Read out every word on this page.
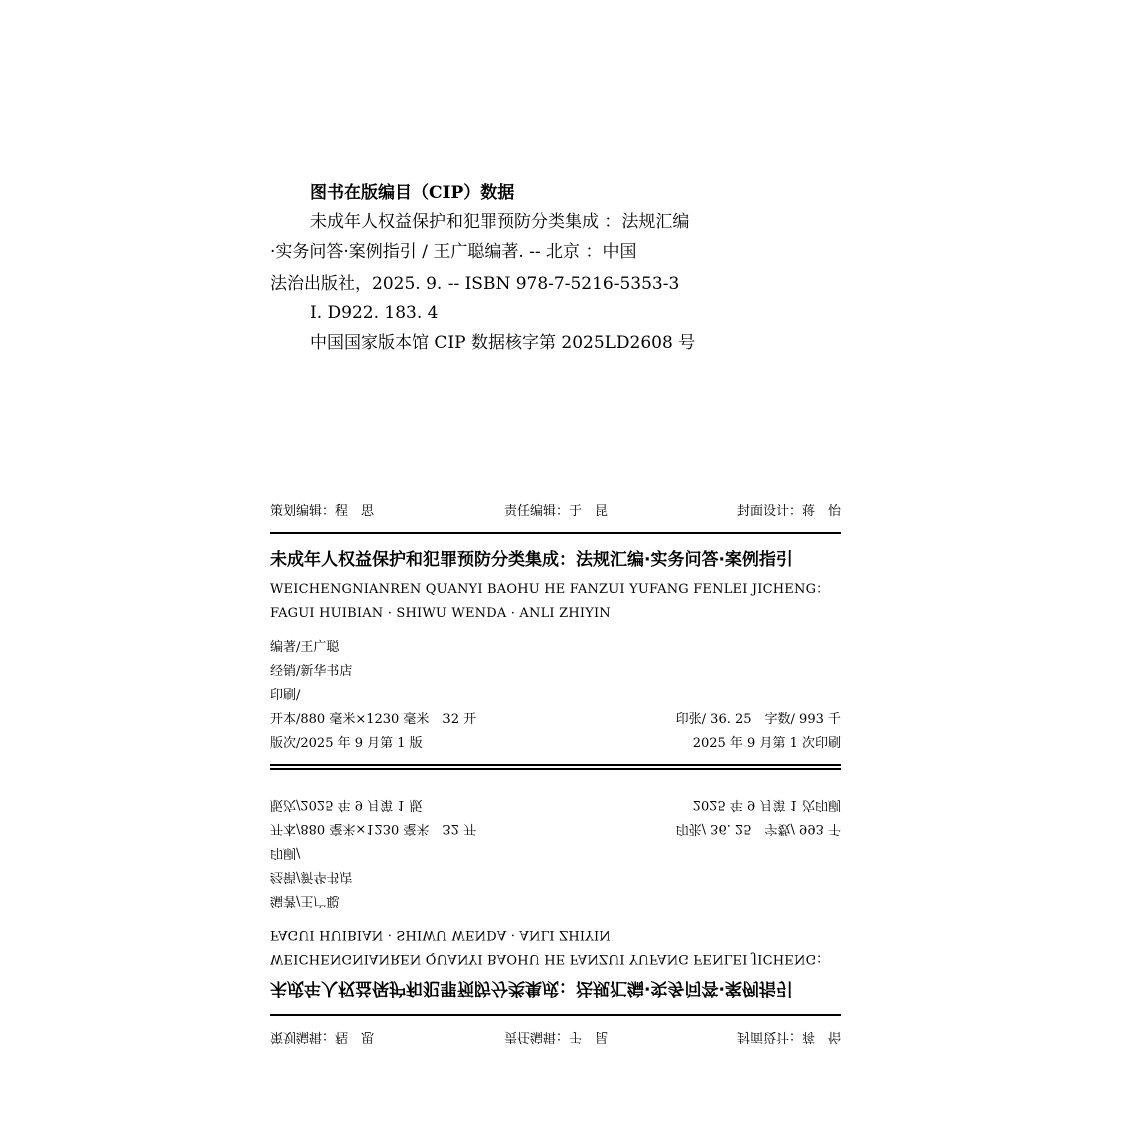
图书在版编目（CIP）数据
未成年人权益保护和犯罪预防分类集成 ：法规汇编
·实务问答·案例指引 / 王广聪编著. -- 北京 ：中国
法治出版社，2025. 9. -- ISBN 978-7-5216-5353-3
Ⅰ. D922. 183. 4
中国国家版本馆 CIP 数据核字第 2025LD2608 号
策划编辑：程　思	责任编辑：于　昆	封面设计：蒋　怡
未成年人权益保护和犯罪预防分类集成：法规汇编·实务问答·案例指引
WEICHENGNIANREN QUANYI BAOHU HE FANZUI YUFANG FENLEI JICHENG：FAGUI HUIBIAN · SHIWU WENDA · ANLI ZHIYIN
编著/王广聪
经销/新华书店
印刷/
开本/880 毫米×1230 毫米　32 开	印张/ 36. 25　字数/ 993 千
版次/2025 年 9 月第 1 版	2025 年 9 月第 1 次印刷
策划编辑：程　思	责任编辑：于　昆	封面设计：蒋　怡
未成年人权益保护和犯罪预防分类集成：法规汇编·实务问答·案例指引
WEICHENGNIANREN QUANYI BAOHU HE FANZUI YUFANG FENLEI JICHENG：FAGUI HUIBIAN · SHIWU WENDA · ANLI ZHIYIN
编著/王广聪
经销/新华书店
印刷/
开本/880 毫米×1230 毫米　32 开	印张/ 36. 25　字数/ 993 千
版次/2025 年 9 月第 1 版	2025 年 9 月第 1 次印刷
